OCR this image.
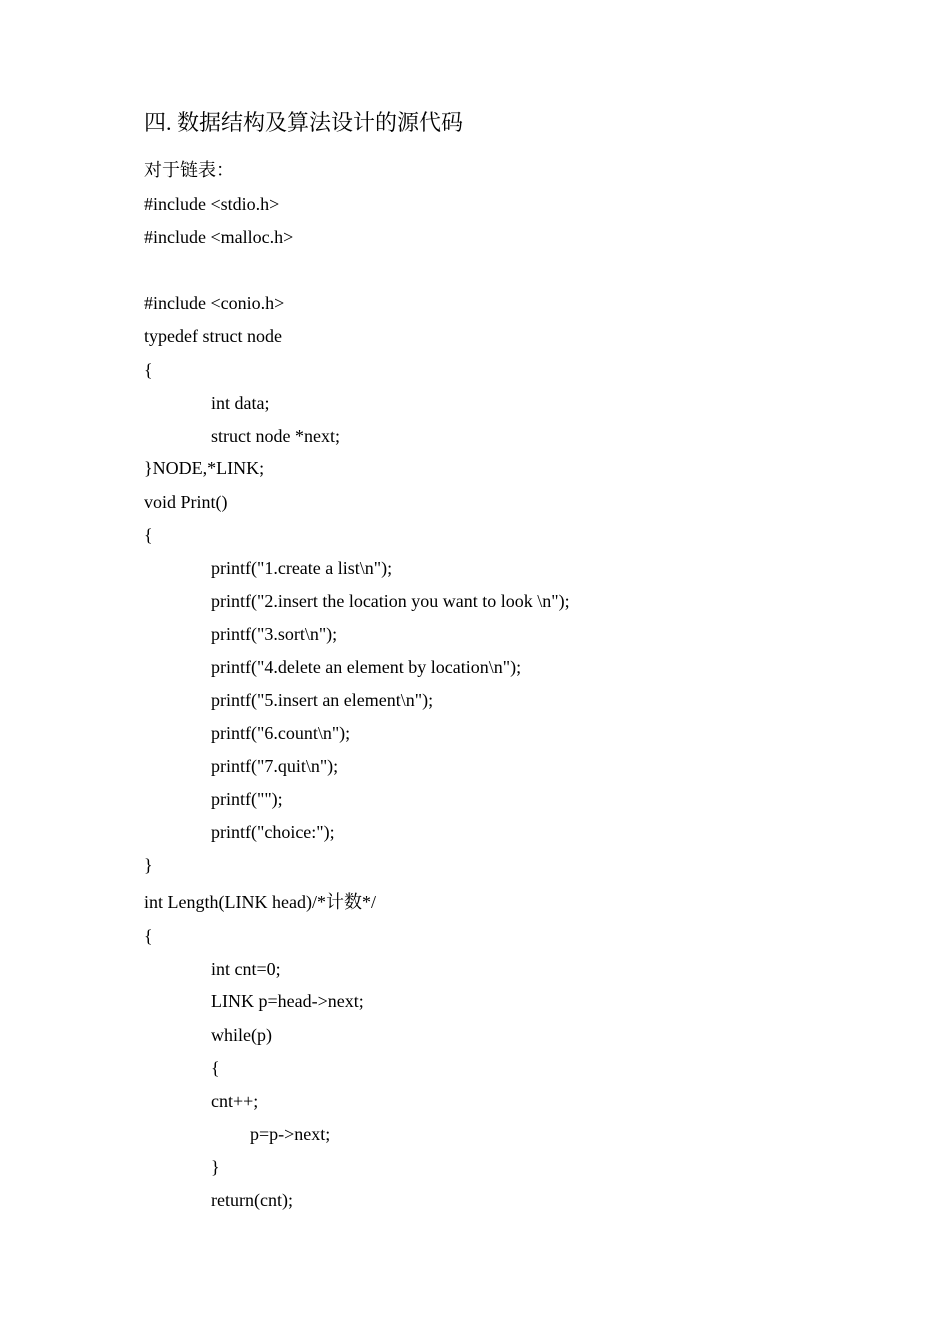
四. 数据结构及算法设计的源代码
对于链表：
#include <stdio.h>
#include <malloc.h>
#include <conio.h>
typedef struct node
{
int data;
struct node *next;
}NODE,*LINK;
void Print()
{
printf("1.create a list\n");
printf("2.insert the location you want to look \n");
printf("3.sort\n");
printf("4.delete an element by location\n");
printf("5.insert an element\n");
printf("6.count\n");
printf("7.quit\n");
printf("");
printf("choice:");
}
int Length(LINK head)/*计数*/
{
int cnt=0;
LINK p=head->next;
while(p)
{
cnt++;
p=p->next;
}
return(cnt);
